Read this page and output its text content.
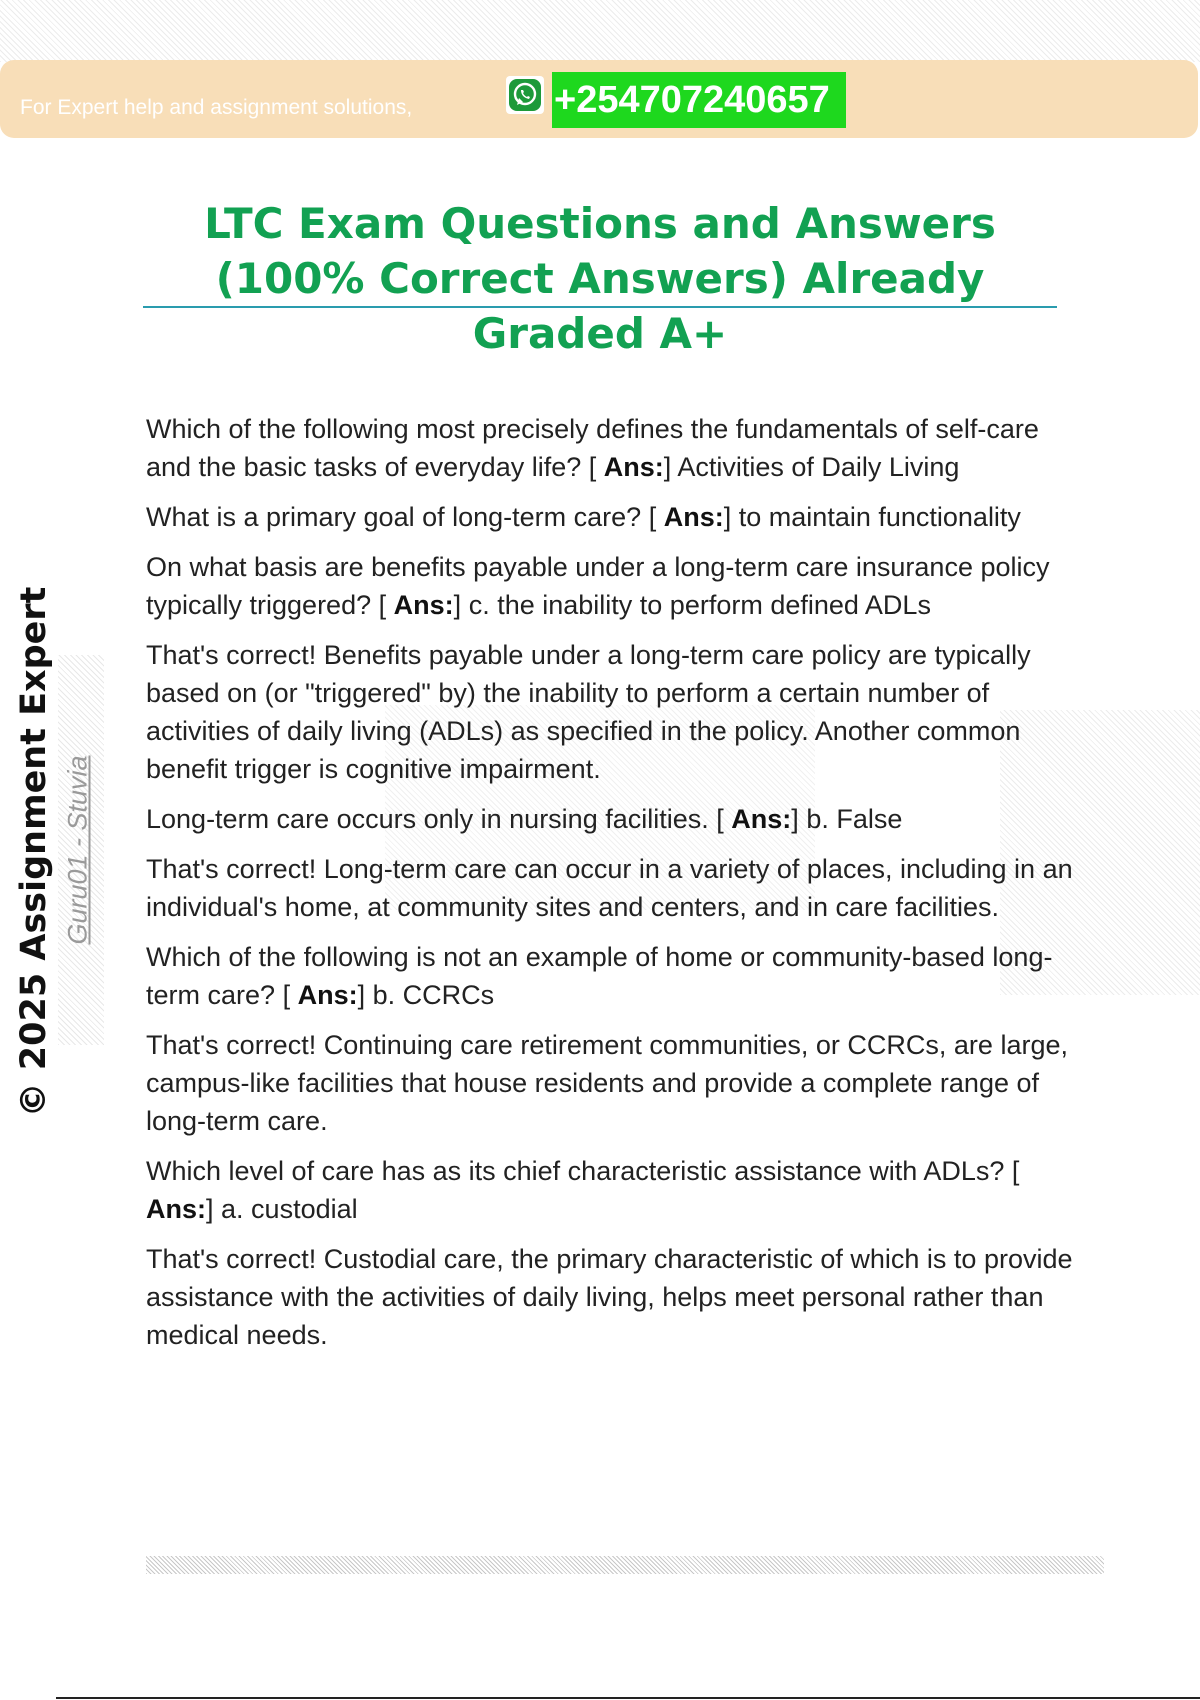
For Expert help and assignment solutions,	+254707240657
LTC Exam Questions and Answers (100% Correct Answers) Already Graded A+
© 2025 Assignment Expert Guru01 - Stuvia

Which of the following most precisely defines the fundamentals of self-care and the basic tasks of everyday life? [ Ans:] Activities of Daily Living

What is a primary goal of long-term care? [ Ans:] to maintain functionality

On what basis are benefits payable under a long-term care insurance policy typically triggered? [ Ans:] c. the inability to perform defined ADLs

That's correct! Benefits payable under a long-term care policy are typically based on (or "triggered" by) the inability to perform a certain number of activities of daily living (ADLs) as specified in the policy. Another common benefit trigger is cognitive impairment.

Long-term care occurs only in nursing facilities. [ Ans:] b. False

That's correct! Long-term care can occur in a variety of places, including in an individual's home, at community sites and centers, and in care facilities.

Which of the following is not an example of home or community-based long-term care? [ Ans:] b. CCRCs

That's correct! Continuing care retirement communities, or CCRCs, are large, campus-like facilities that house residents and provide a complete range of long-term care.

Which level of care has as its chief characteristic assistance with ADLs? [ Ans:] a. custodial

That's correct! Custodial care, the primary characteristic of which is to provide assistance with the activities of daily living, helps meet personal rather than medical needs.
